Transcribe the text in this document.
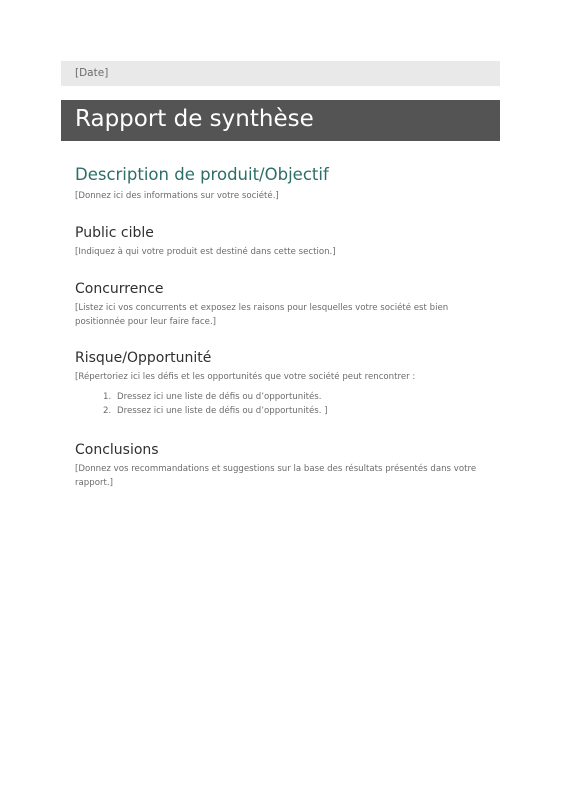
[Date]
Rapport de synthèse
Description de produit/Objectif

[Donnez ici des informations sur votre société.]

Public cible

[Indiquez à qui votre produit est destiné dans cette section.]

Concurrence

[Listez ici vos concurrents et exposez les raisons pour lesquelles votre société est bien
positionnée pour leur faire face.]

Risque/Opportunité

[Répertoriez ici les défis et les opportunités que votre société peut rencontrer :

1. Dressez ici une liste de défis ou d’opportunités.
2. Dressez ici une liste de défis ou d’opportunités. ]
Conclusions

[Donnez vos recommandations et suggestions sur la base des résultats présentés dans votre
rapport.]
